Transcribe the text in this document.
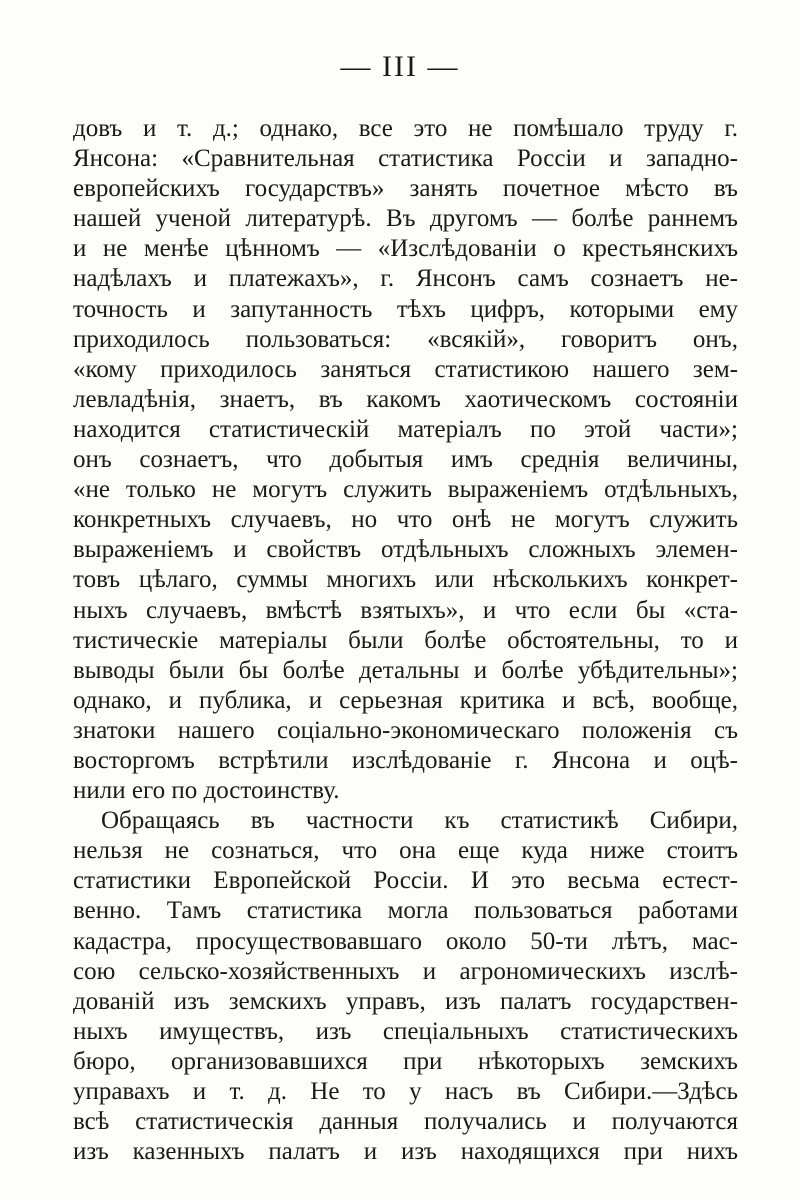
— III —
довъ и т. д.; однако, все это не помѣшало труду г.
Янсона: «Сравнительная статистика Россіи и западно-
европейскихъ государствъ» занять почетное мѣсто въ
нашей ученой литературѣ. Въ другомъ — болѣе раннемъ
и не менѣе цѣнномъ — «Изслѣдованіи о крестьянскихъ
надѣлахъ и платежахъ», г. Янсонъ самъ сознаетъ не-
точность и запутанность тѣхъ цифръ, которыми ему
приходилось пользоваться: «всякій», говоритъ онъ,
«кому приходилось заняться статистикою нашего зем-
левладѣнія, знаетъ, въ какомъ хаотическомъ состояніи
находится статистическій матеріалъ по этой части»;
онъ сознаетъ, что добытыя имъ среднія величины,
«не только не могутъ служить выраженіемъ отдѣльныхъ,
конкретныхъ случаевъ, но что онѣ не могутъ служить
выраженіемъ и свойствъ отдѣльныхъ сложныхъ элемен-
товъ цѣлаго, суммы многихъ или нѣсколькихъ конкрет-
ныхъ случаевъ, вмѣстѣ взятыхъ», и что если бы «ста-
тистическіе матеріалы были болѣе обстоятельны, то и
выводы были бы болѣе детальны и болѣе убѣдительны»;
однако, и публика, и серьезная критика и всѣ, вообще,
знатоки нашего соціально-экономическаго положенія съ
восторгомъ встрѣтили изслѣдованіе г. Янсона и оцѣ-
нили его по достоинству.
Обращаясь въ частности къ статистикѣ Сибири,
нельзя не сознаться, что она еще куда ниже стоитъ
статистики Европейской Россіи. И это весьма естест-
венно. Тамъ статистика могла пользоваться работами
кадастра, просуществовавшаго около 50-ти лѣтъ, мас-
сою сельско-хозяйственныхъ и агрономическихъ изслѣ-
дованій изъ земскихъ управъ, изъ палатъ государствен-
ныхъ имуществъ, изъ спеціальныхъ статистическихъ
бюро, организовавшихся при нѣкоторыхъ земскихъ
управахъ и т. д. Не то у насъ въ Сибири.—Здѣсь
всѣ статистическія данныя получались и получаются
изъ казенныхъ палатъ и изъ находящихся при нихъ
